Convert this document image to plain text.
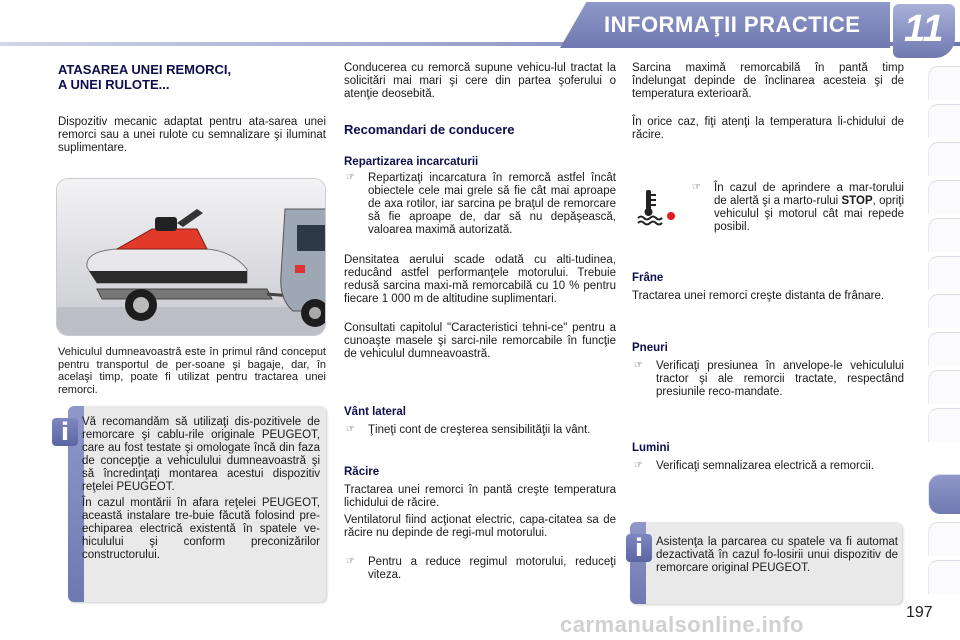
INFORMAŢII PRACTICE 11
ATASAREA UNEI REMORCI,
A UNEI RULOTE...
Dispozitiv mecanic adaptat pentru ata-sarea unei remorci sau a unei rulote cu semnalizare şi iluminat suplimentare.
Vehiculul dumneavoastră este în primul rând conceput pentru transportul de per-soane şi bagaje, dar, în acelaşi timp, poate fi utilizat pentru tractarea unei remorci.
i	Vă recomandăm să utilizaţi dis-pozitivele de remorcare şi cablu-rile originale PEUGEOT, care au fost testate şi omologate încă din faza de concepţie a vehiculului dumneavoastră şi să încredinţaţi montarea acestui dispozitiv reţelei PEUGEOT.
În cazul montării în afara reţelei PEUGEOT, această instalare tre-buie făcută folosind pre-echiparea electrică existentă în spatele ve-hiculului şi conform preconizărilor constructorului.
Conducerea cu remorcă supune vehicu-lul tractat la solicitări mai mari şi cere din partea şoferului o atenţie deosebită.
Recomandari de conducere
Repartizarea incarcaturii
☞ Repartizaţi incarcatura în remorcă astfel încât obiectele cele mai grele să fie cât mai aproape de axa rotilor, iar sarcina pe braţul de remorcare să fie aproape de, dar să nu depăşească, valoarea maximă autorizată.
Densitatea aerului scade odată cu alti-tudinea, reducând astfel performanţele motorului. Trebuie redusă sarcina maxi-mă remorcabilă cu 10 % pentru fiecare 1 000 m de altitudine suplimentari.
Consultati capitolul "Caracteristici tehni-ce" pentru a cunoaşte masele şi sarci-nile remorcabile în funcţie de vehiculul dumneavoastră.
Vânt lateral
☞ Ţineţi cont de creşterea sensibilităţii la vânt.
Răcire
Tractarea unei remorci în pantă creşte temperatura lichidului de răcire.
Ventilatorul fiind acţionat electric, capa-citatea sa de răcire nu depinde de regi-mul motorului.
☞ Pentru a reduce regimul motorului, reduceţi viteza.
Sarcina maximă remorcabilă în pantă timp îndelungat depinde de înclinarea acesteia şi de temperatura exterioară.
În orice caz, fiţi atenţi la temperatura li-chidului de răcire.
☞ În cazul de aprindere a mar-torului de alertă şi a marto-rului STOP, opriţi vehiculul şi motorul cât mai repede posibil.
Frâne
Tractarea unei remorci creşte distanta de frânare.
Pneuri
☞ Verificaţi presiunea în anvelope-le vehiculului tractor şi ale remorcii tractate, respectând presiunile reco-mandate.
Lumini
☞ Verificaţi semnalizarea electrică a remorcii.
i	Asistenţa la parcarea cu spatele va fi automat dezactivată în cazul fo-losirii unui dispozitiv de remorcare original PEUGEOT.
197
carmanualsonline.info
